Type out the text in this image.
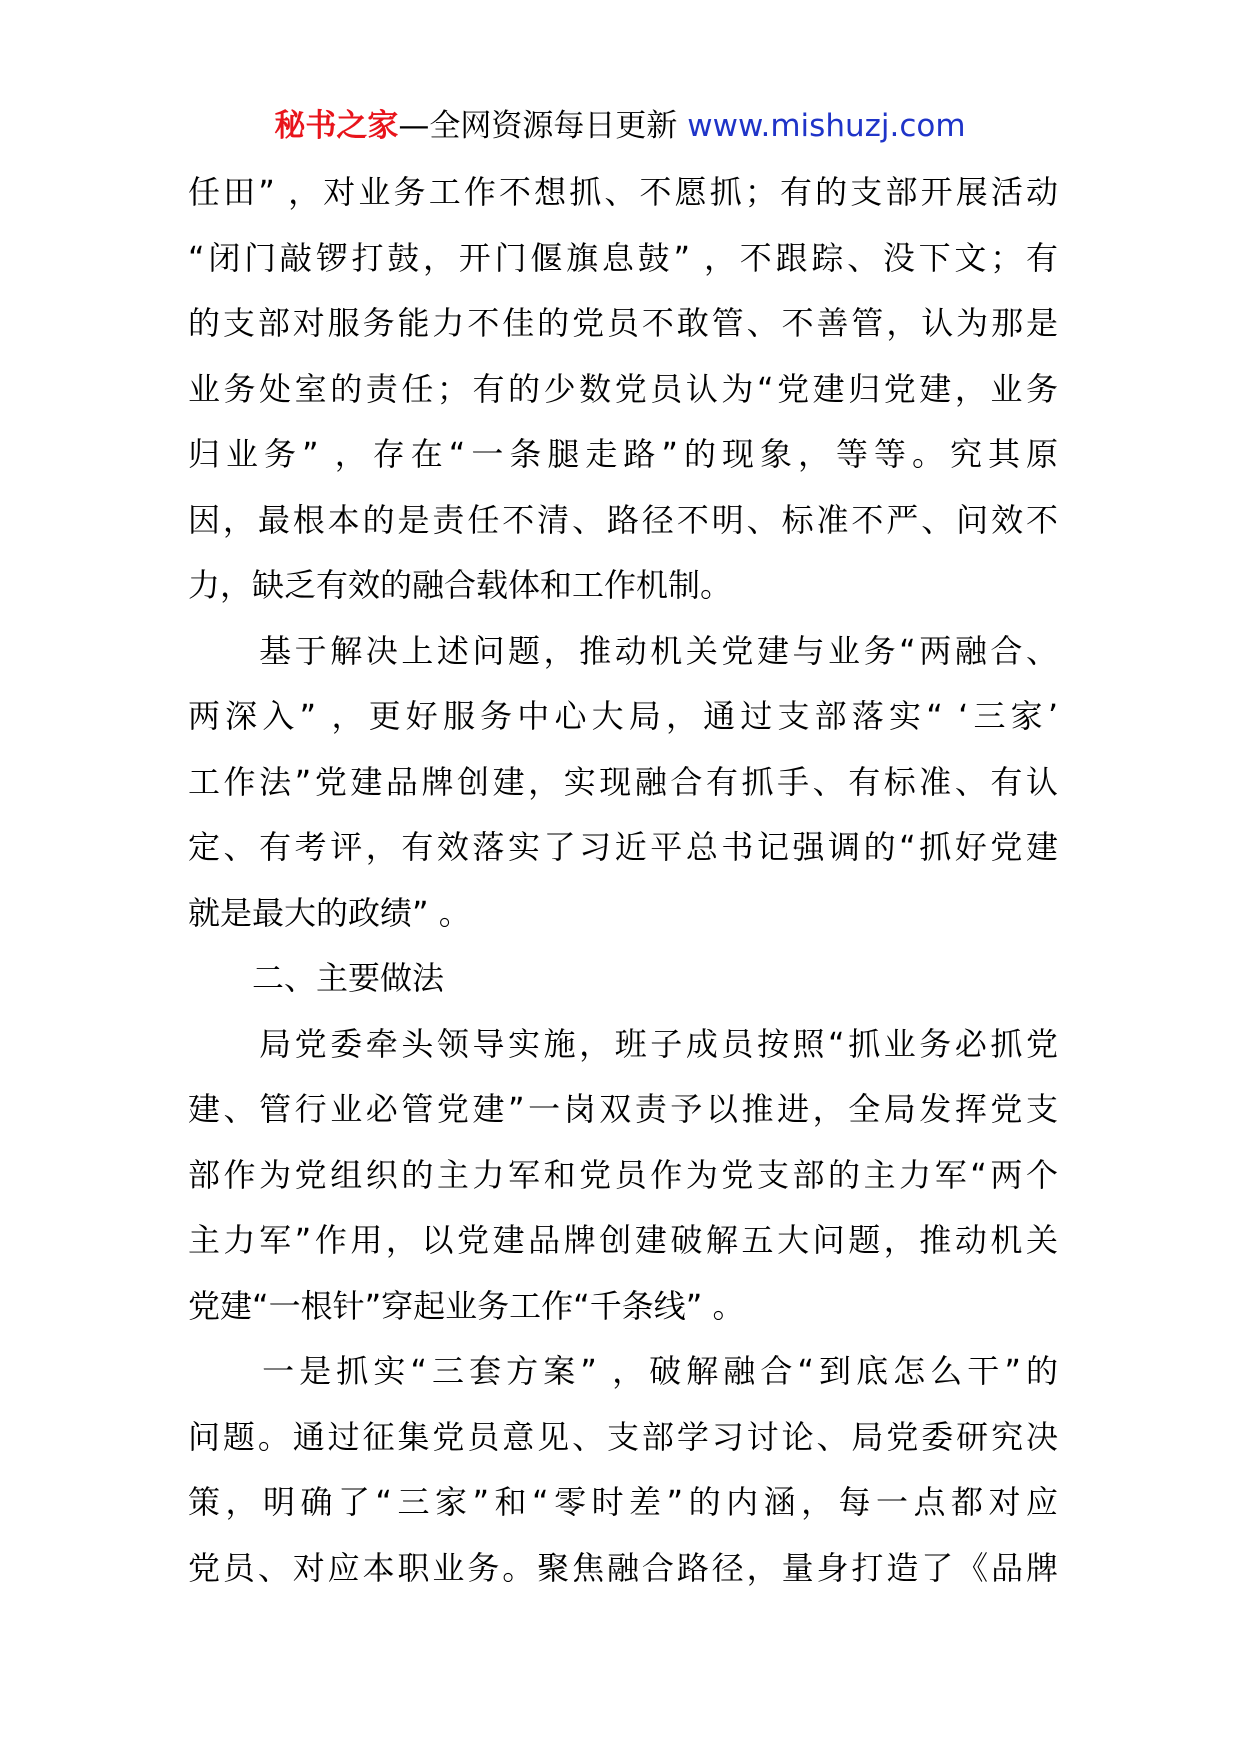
秘书之家—全网资源每日更新 www.mishuzj.com
任田” ，对业务工作不想抓、不愿抓；有的支部开展活动
“闭门敲锣打鼓，开门偃旗息鼓” ，不跟踪、没下文；有
的支部对服务能力不佳的党员不敢管、不善管，认为那是
业务处室的责任；有的少数党员认为“党建归党建，业务
归业务” ，存在“一条腿走路”的现象，等等。究其原
因，最根本的是责任不清、路径不明、标准不严、问效不
力，缺乏有效的融合载体和工作机制。
　　基于解决上述问题，推动机关党建与业务“两融合、
两深入” ，更好服务中心大局，通过支部落实“ ‘三家’
工作法”党建品牌创建，实现融合有抓手、有标准、有认
定、有考评，有效落实了习近平总书记强调的“抓好党建
就是最大的政绩” 。
　　二、主要做法
　　局党委牵头领导实施，班子成员按照“抓业务必抓党
建、管行业必管党建”一岗双责予以推进，全局发挥党支
部作为党组织的主力军和党员作为党支部的主力军“两个
主力军”作用，以党建品牌创建破解五大问题，推动机关
党建“一根针”穿起业务工作“千条线” 。
　　一是抓实“三套方案” ，破解融合“到底怎么干”的
问题。通过征集党员意见、支部学习讨论、局党委研究决
策，明确了“三家”和“零时差”的内涵，每一点都对应
党员、对应本职业务。聚焦融合路径，量身打造了《品牌
